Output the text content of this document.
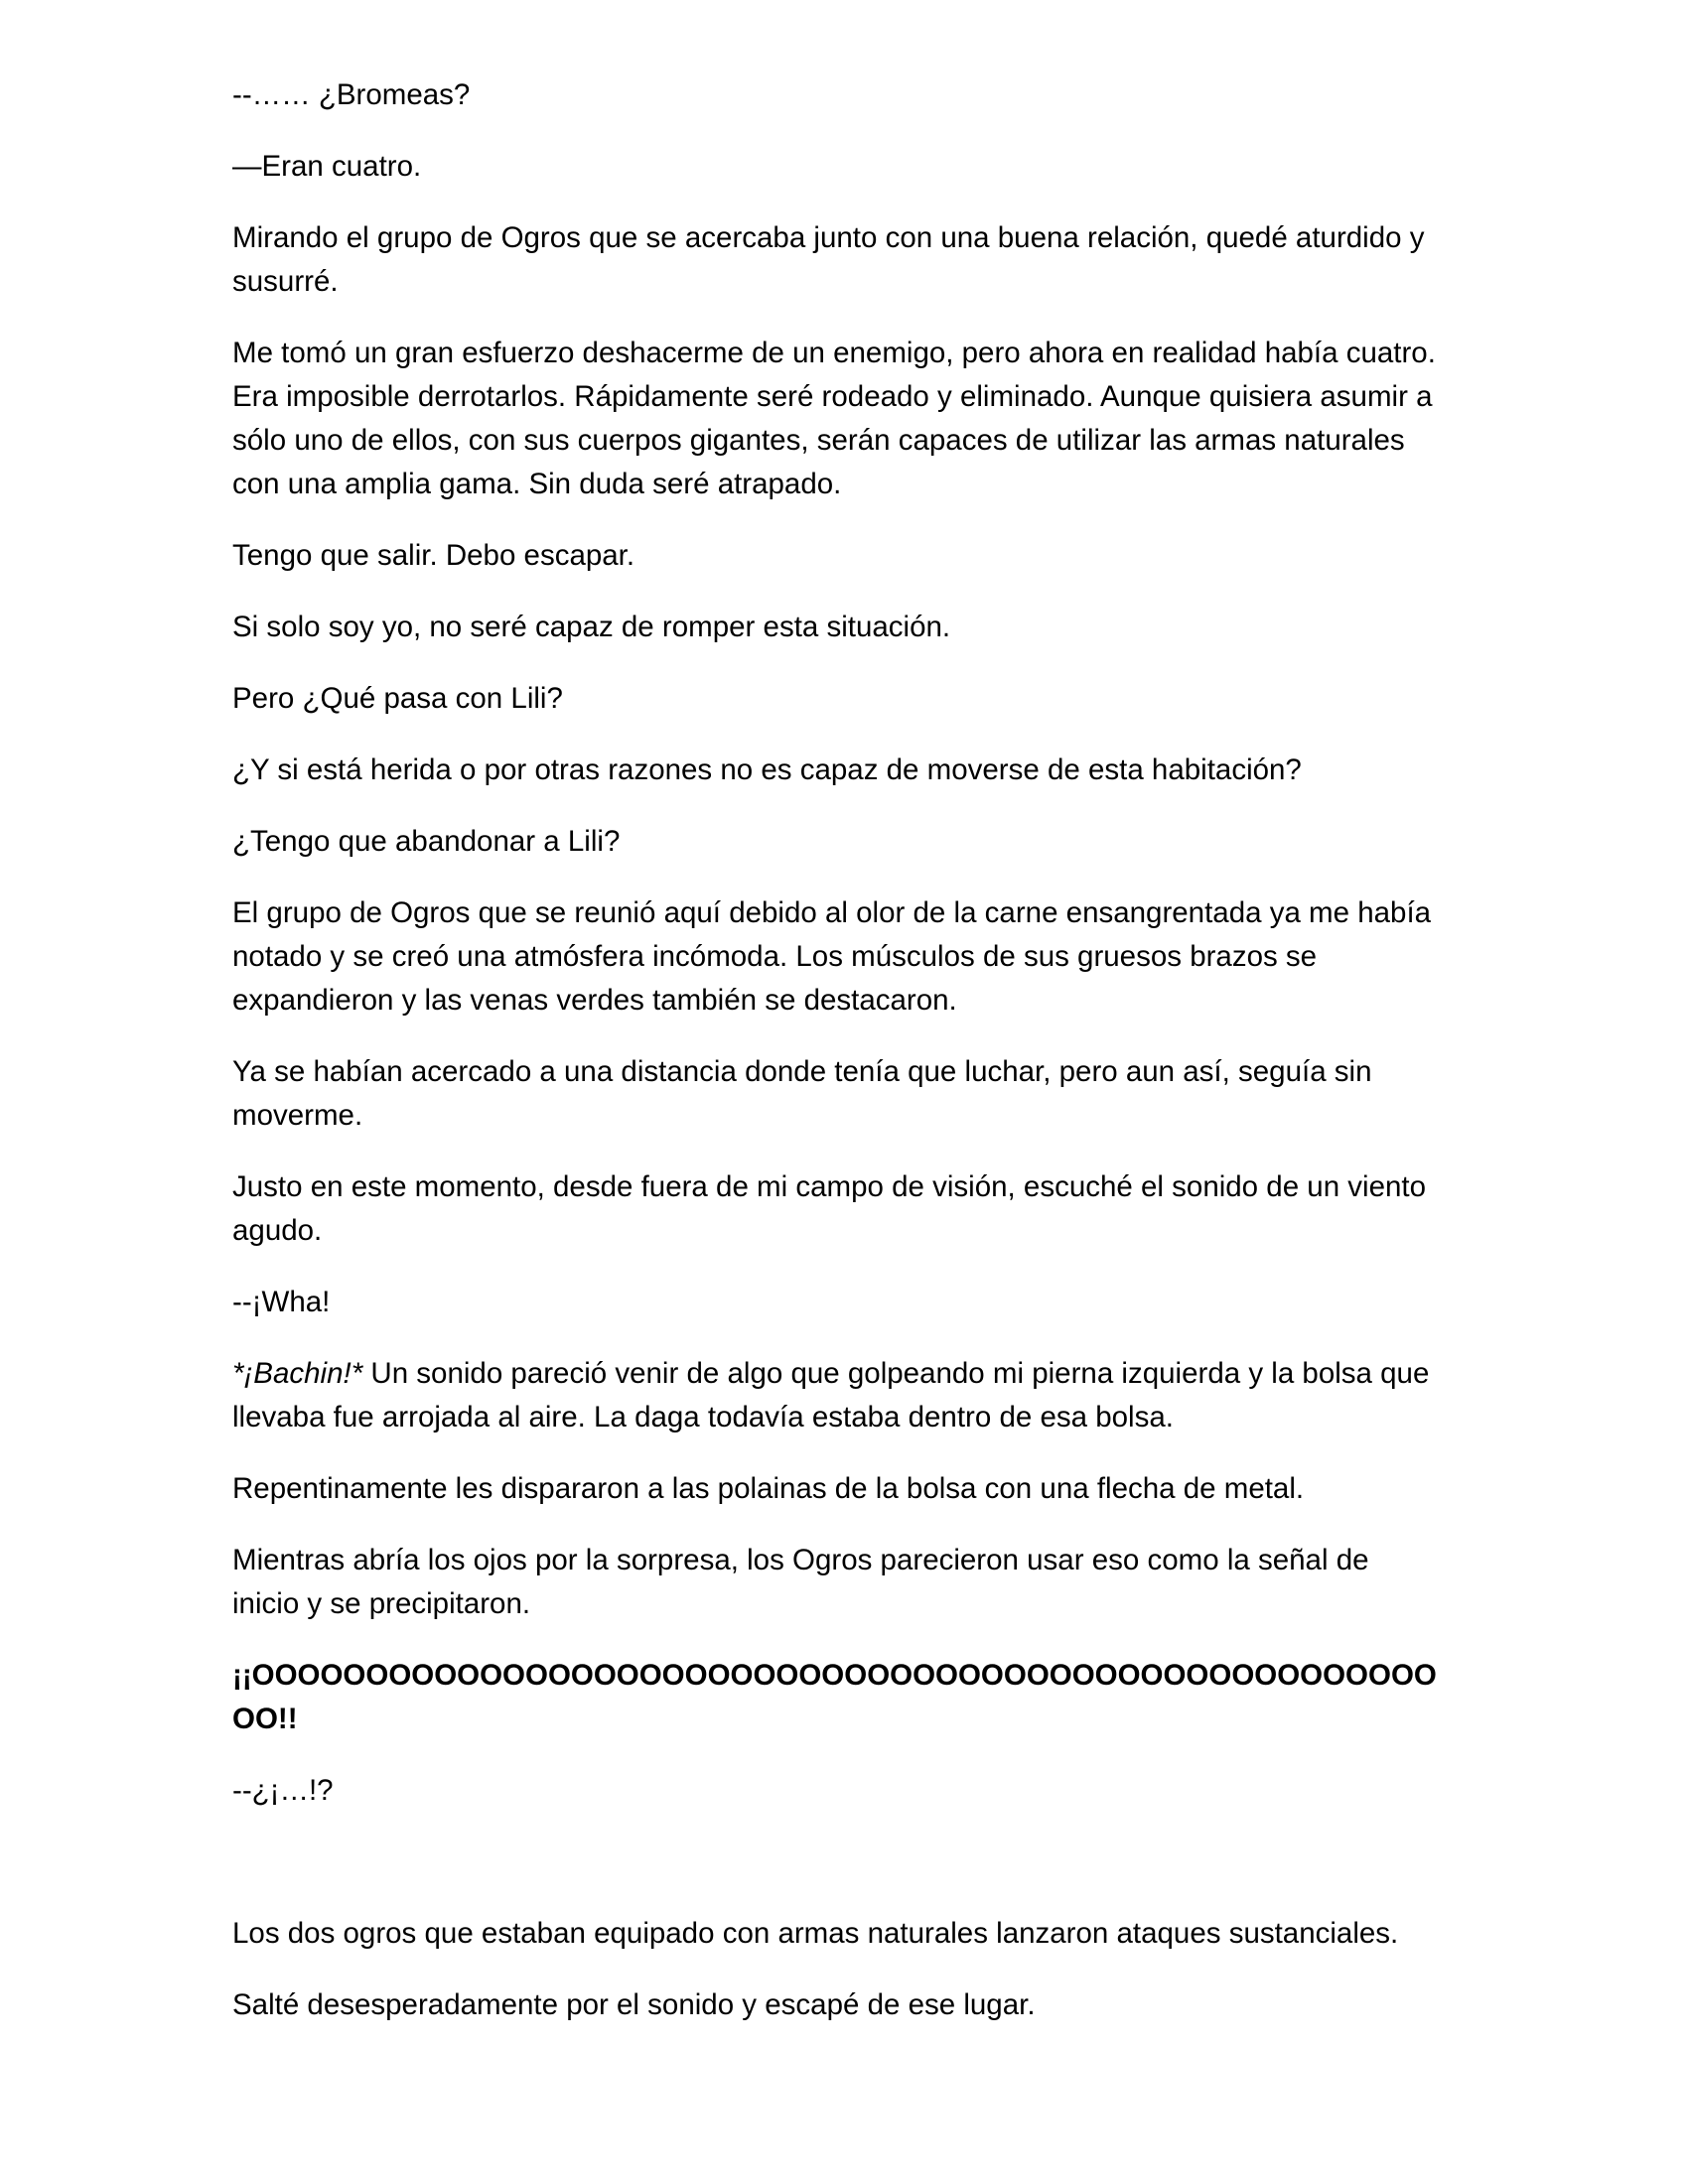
--…… ¿Bromeas?

—Eran cuatro.

Mirando el grupo de Ogros que se acercaba junto con una buena relación, quedé aturdido y susurré.

Me tomó un gran esfuerzo deshacerme de un enemigo, pero ahora en realidad había cuatro. Era imposible derrotarlos. Rápidamente seré rodeado y eliminado. Aunque quisiera asumir a sólo uno de ellos, con sus cuerpos gigantes, serán capaces de utilizar las armas naturales con una amplia gama. Sin duda seré atrapado.

Tengo que salir. Debo escapar.

Si solo soy yo, no seré capaz de romper esta situación.

Pero ¿Qué pasa con Lili?

¿Y si está herida o por otras razones no es capaz de moverse de esta habitación?

¿Tengo que abandonar a Lili?

El grupo de Ogros que se reunió aquí debido al olor de la carne ensangrentada ya me había notado y se creó una atmósfera incómoda. Los músculos de sus gruesos brazos se expandieron y las venas verdes también se destacaron.

Ya se habían acercado a una distancia donde tenía que luchar, pero aun así, seguía sin moverme.

Justo en este momento, desde fuera de mi campo de visión, escuché el sonido de un viento agudo.

--¡Wha!

*¡Bachin!* Un sonido pareció venir de algo que golpeando mi pierna izquierda y la bolsa que llevaba fue arrojada al aire. La daga todavía estaba dentro de esa bolsa.

Repentinamente les dispararon a las polainas de la bolsa con una flecha de metal.

Mientras abría los ojos por la sorpresa, los Ogros parecieron usar eso como la señal de inicio y se precipitaron.

¡¡OOOOOOOOOOOOOOOOOOOOOOOOOOOOOOOOOOOOOOOOOOOOOOOOOOOOOO!!

--¿¡…!?

Los dos ogros que estaban equipado con armas naturales lanzaron ataques sustanciales.

Salté desesperadamente por el sonido y escapé de ese lugar.
